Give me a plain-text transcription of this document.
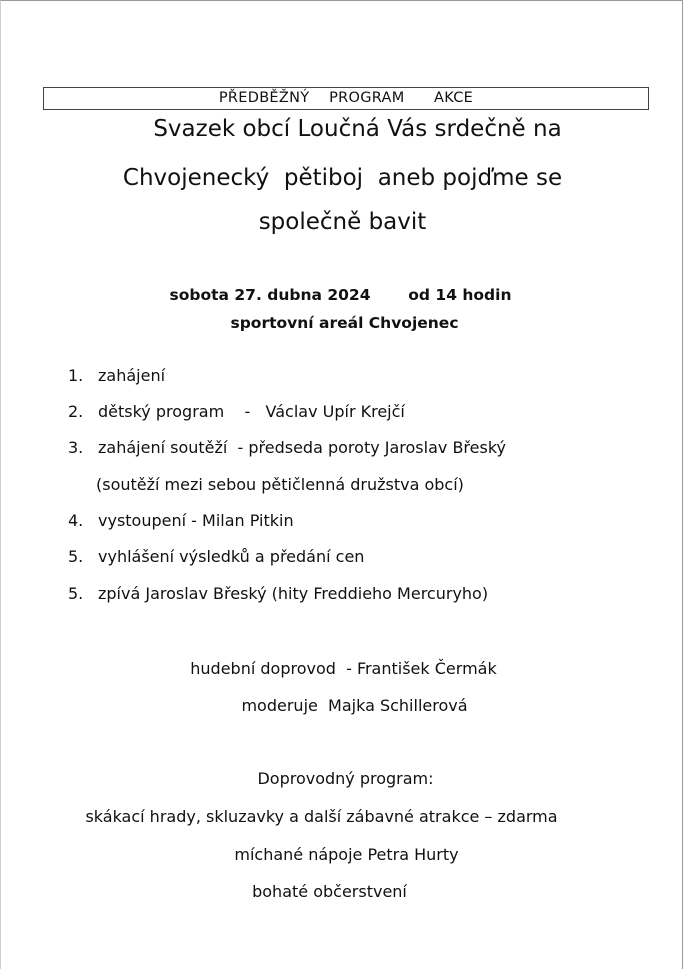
PŘEDBĚŽNÝ    PROGRAM      AKCE
Svazek obcí Loučná Vás srdečně na
Chvojenecký  pětiboj  aneb pojďme se
společně bavit
sobota 27. dubna 2024       od 14 hodin
sportovní areál Chvojenec
1. zahájení
2. dětský program    -   Václav Upír Krejčí
3. zahájení soutěží  - předseda poroty Jaroslav Břeský
(soutěží mezi sebou pětičlenná družstva obcí)
4. vystoupení - Milan Pitkin
5. vyhlášení výsledků a předání cen
5. zpívá Jaroslav Břeský (hity Freddieho Mercuryho)
hudební doprovod  - František Čermák
moderuje  Majka Schillerová
Doprovodný program:
skákací hrady, skluzavky a další zábavné atrakce – zdarma
míchané nápoje Petra Hurty
bohaté občerstvení
